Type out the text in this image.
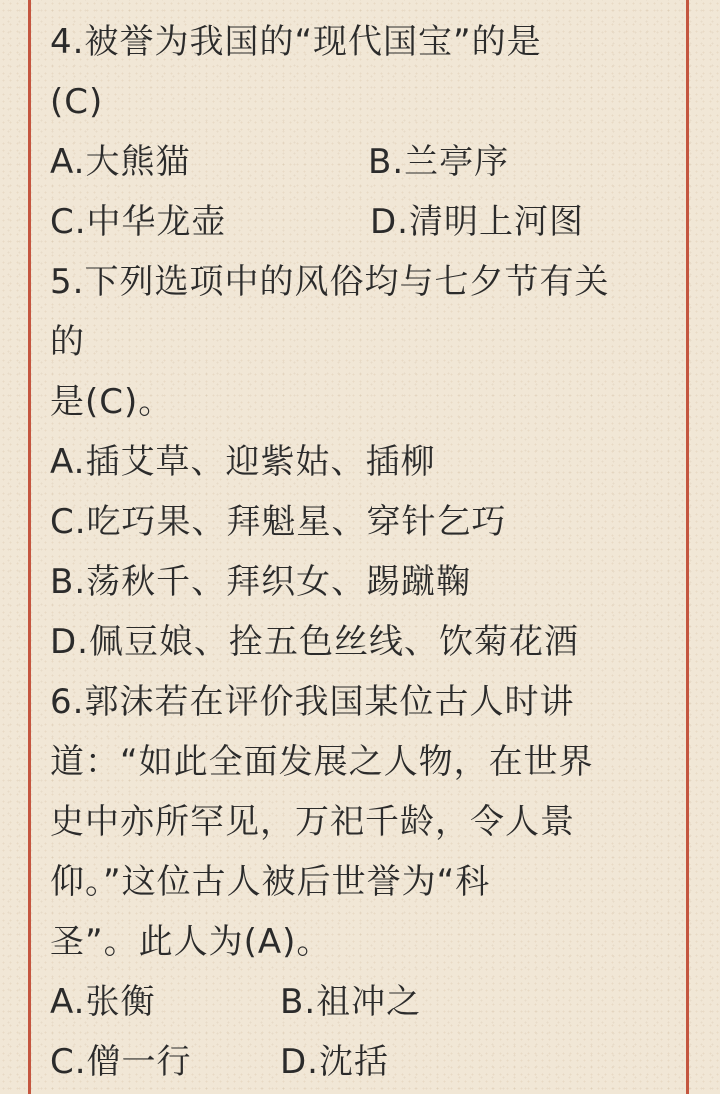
4.被誉为我国的“现代国宝”的是
(C)
A.大熊猫	B.兰亭序
C.中华龙壶	D.清明上河图
5.下列选项中的风俗均与七夕节有关
的
是(C)。
A.插艾草、迎紫姑、插柳
C.吃巧果、拜魁星、穿针乞巧
B.荡秋千、拜织女、踢蹴鞠
D.佩豆娘、拴五色丝线、饮菊花酒
6.郭沫若在评价我国某位古人时讲
道：“如此全面发展之人物，在世界
史中亦所罕见，万祀千龄，令人景
仰。”这位古人被后世誉为“科
圣”。此人为(A)。
A.张衡	B.祖冲之
C.僧一行	D.沈括
